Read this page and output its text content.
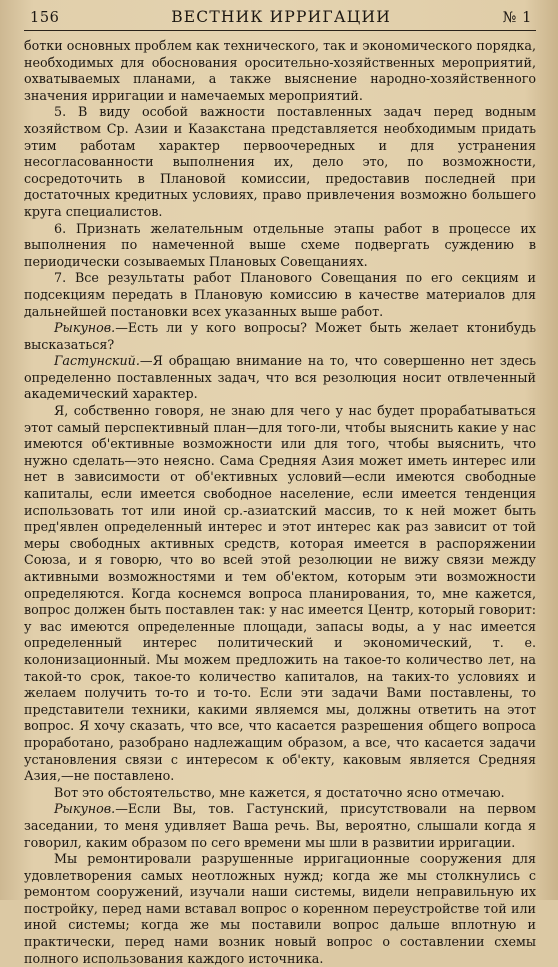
156	ВЕСТНИК ИРРИГАЦИИ	№ 1

ботки основных проблем как технического, так и экономического порядка, необходимых для обоснования оросительно-хозяйственных мероприятий, охватываемых планами, а также выяснение народно-хозяйственного значения ирригации и намечаемых мероприятий.

5. В виду особой важности поставленных задач перед водным хозяйством Ср. Азии и Казакстана представляется необходимым придать этим работам характер первоочередных и для устранения несогласованности выполнения их, дело это, по возможности, сосредоточить в Плановой комиссии, предоставив последней при достаточных кредитных условиях, право привлечения возможно большего круга специалистов.

6. Признать желательным отдельные этапы работ в процессе их выполнения по намеченной выше схеме подвергать суждению в периодически созываемых Плановых Совещаниях.

7. Все результаты работ Планового Совещания по его секциям и подсекциям передать в Плановую комиссию в качестве материалов для дальнейшей постановки всех указанных выше работ.

Рыкунов.—Есть ли у кого вопросы? Может быть желает ктонибудь высказаться?

Гастунский.—Я обращаю внимание на то, что совершенно нет здесь определенно поставленных задач, что вся резолюция носит отвлеченный академический характер.

Я, собственно говоря, не знаю для чего у нас будет прорабатываться этот самый перспективный план—для того-ли, чтобы выяснить какие у нас имеются об'ективные возможности или для того, чтобы выяснить, что нужно сделать—это неясно. Сама Средняя Азия может иметь интерес или нет в зависимости от об'ективных условий—если имеются свободные капиталы, если имеется свободное население, если имеется тенденция использовать тот или иной ср.-азиатский массив, то к ней может быть пред'явлен определенный интерес и этот интерес как раз зависит от той меры свободных активных средств, которая имеется в распоряжении Союза, и я говорю, что во всей этой резолюции не вижу связи между активными возможностями и тем об'ектом, которым эти возможности определяются. Когда коснемся вопроса планирования, то, мне кажется, вопрос должен быть поставлен так: у нас имеется Центр, который говорит: у вас имеются определенные площади, запасы воды, а у нас имеется определенный интерес политический и экономический, т. е. колонизационный. Мы можем предложить на такое-то количество лет, на такой-то срок, такое-то количество капиталов, на таких-то условиях и желаем получить то-то и то-то. Если эти задачи Вами поставлены, то представители техники, какими являемся мы, должны ответить на этот вопрос. Я хочу сказать, что все, что касается разрешения общего вопроса проработано, разобрано надлежащим образом, а все, что касается задачи установления связи с интересом к об'екту, каковым является Средняя Азия,—не поставлено.

Вот это обстоятельство, мне кажется, я достаточно ясно отмечаю.

Рыкунов.—Если Вы, тов. Гастунский, присутствовали на первом заседании, то меня удивляет Ваша речь. Вы, вероятно, слышали когда я говорил, каким образом по сего времени мы шли в развитии ирригации.

Мы ремонтировали разрушенные ирригационные сооружения для удовлетворения самых неотложных нужд; когда же мы столкнулись с ремонтом сооружений, изучали наши системы, видели неправильную их постройку, перед нами вставал вопрос о коренном переустройстве той или иной системы; когда же мы поставили вопрос дальше вплотную и практически, перед нами возник новый вопрос о составлении схемы полного использования каждого источника.
